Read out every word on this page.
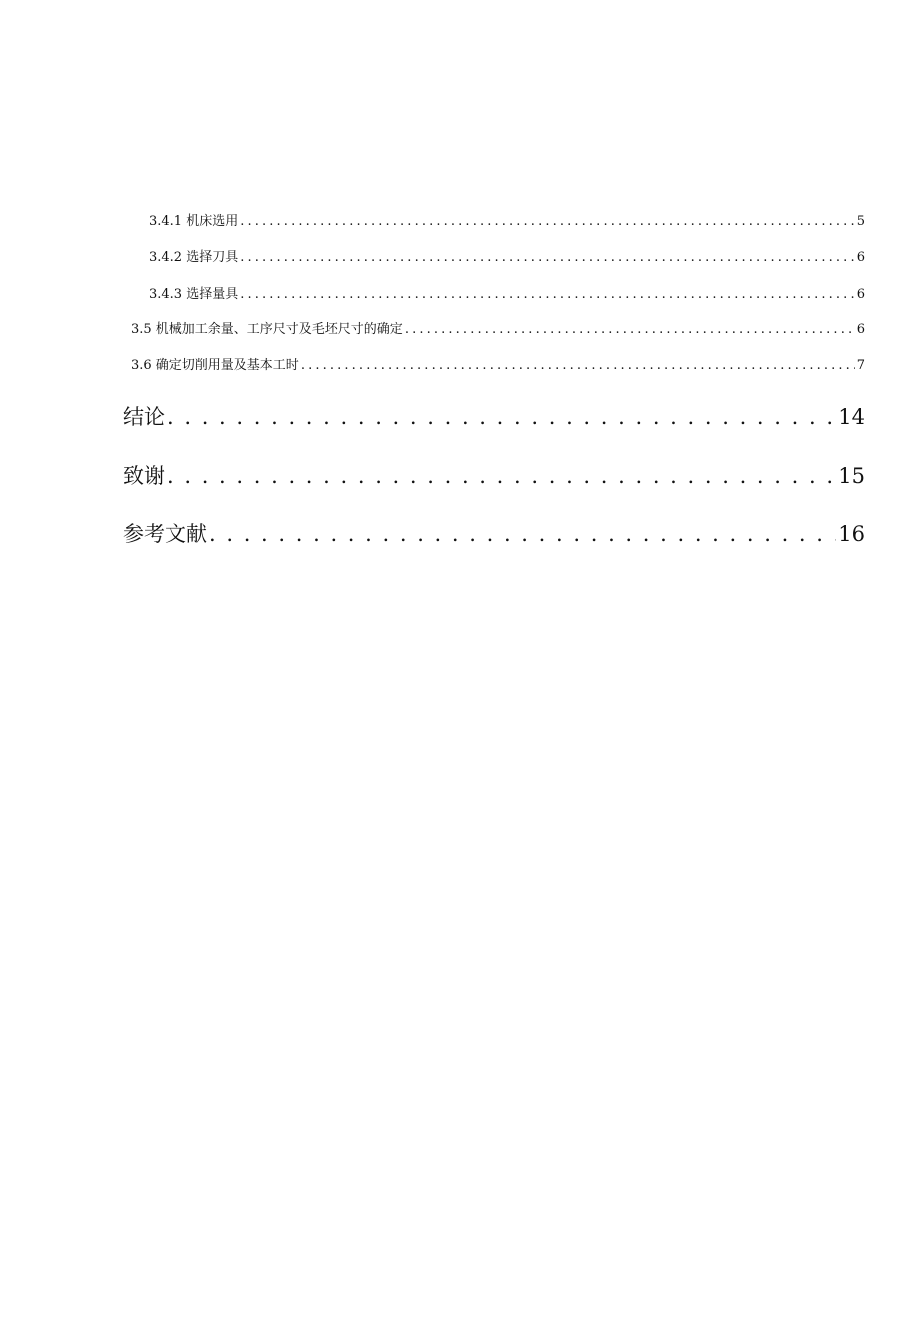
3.4.1 机床选用 . . .	5
3.4.2 选择刀具 . . .	6
3.4.3 选择量具 . . .	6
3.5 机械加工余量、工序尺寸及毛坯尺寸的确定 . . .	6
3.6 确定切削用量及基本工时 . . .	7
结论 . . .	14
致谢 . . .	15
参考文献 . . .	16
